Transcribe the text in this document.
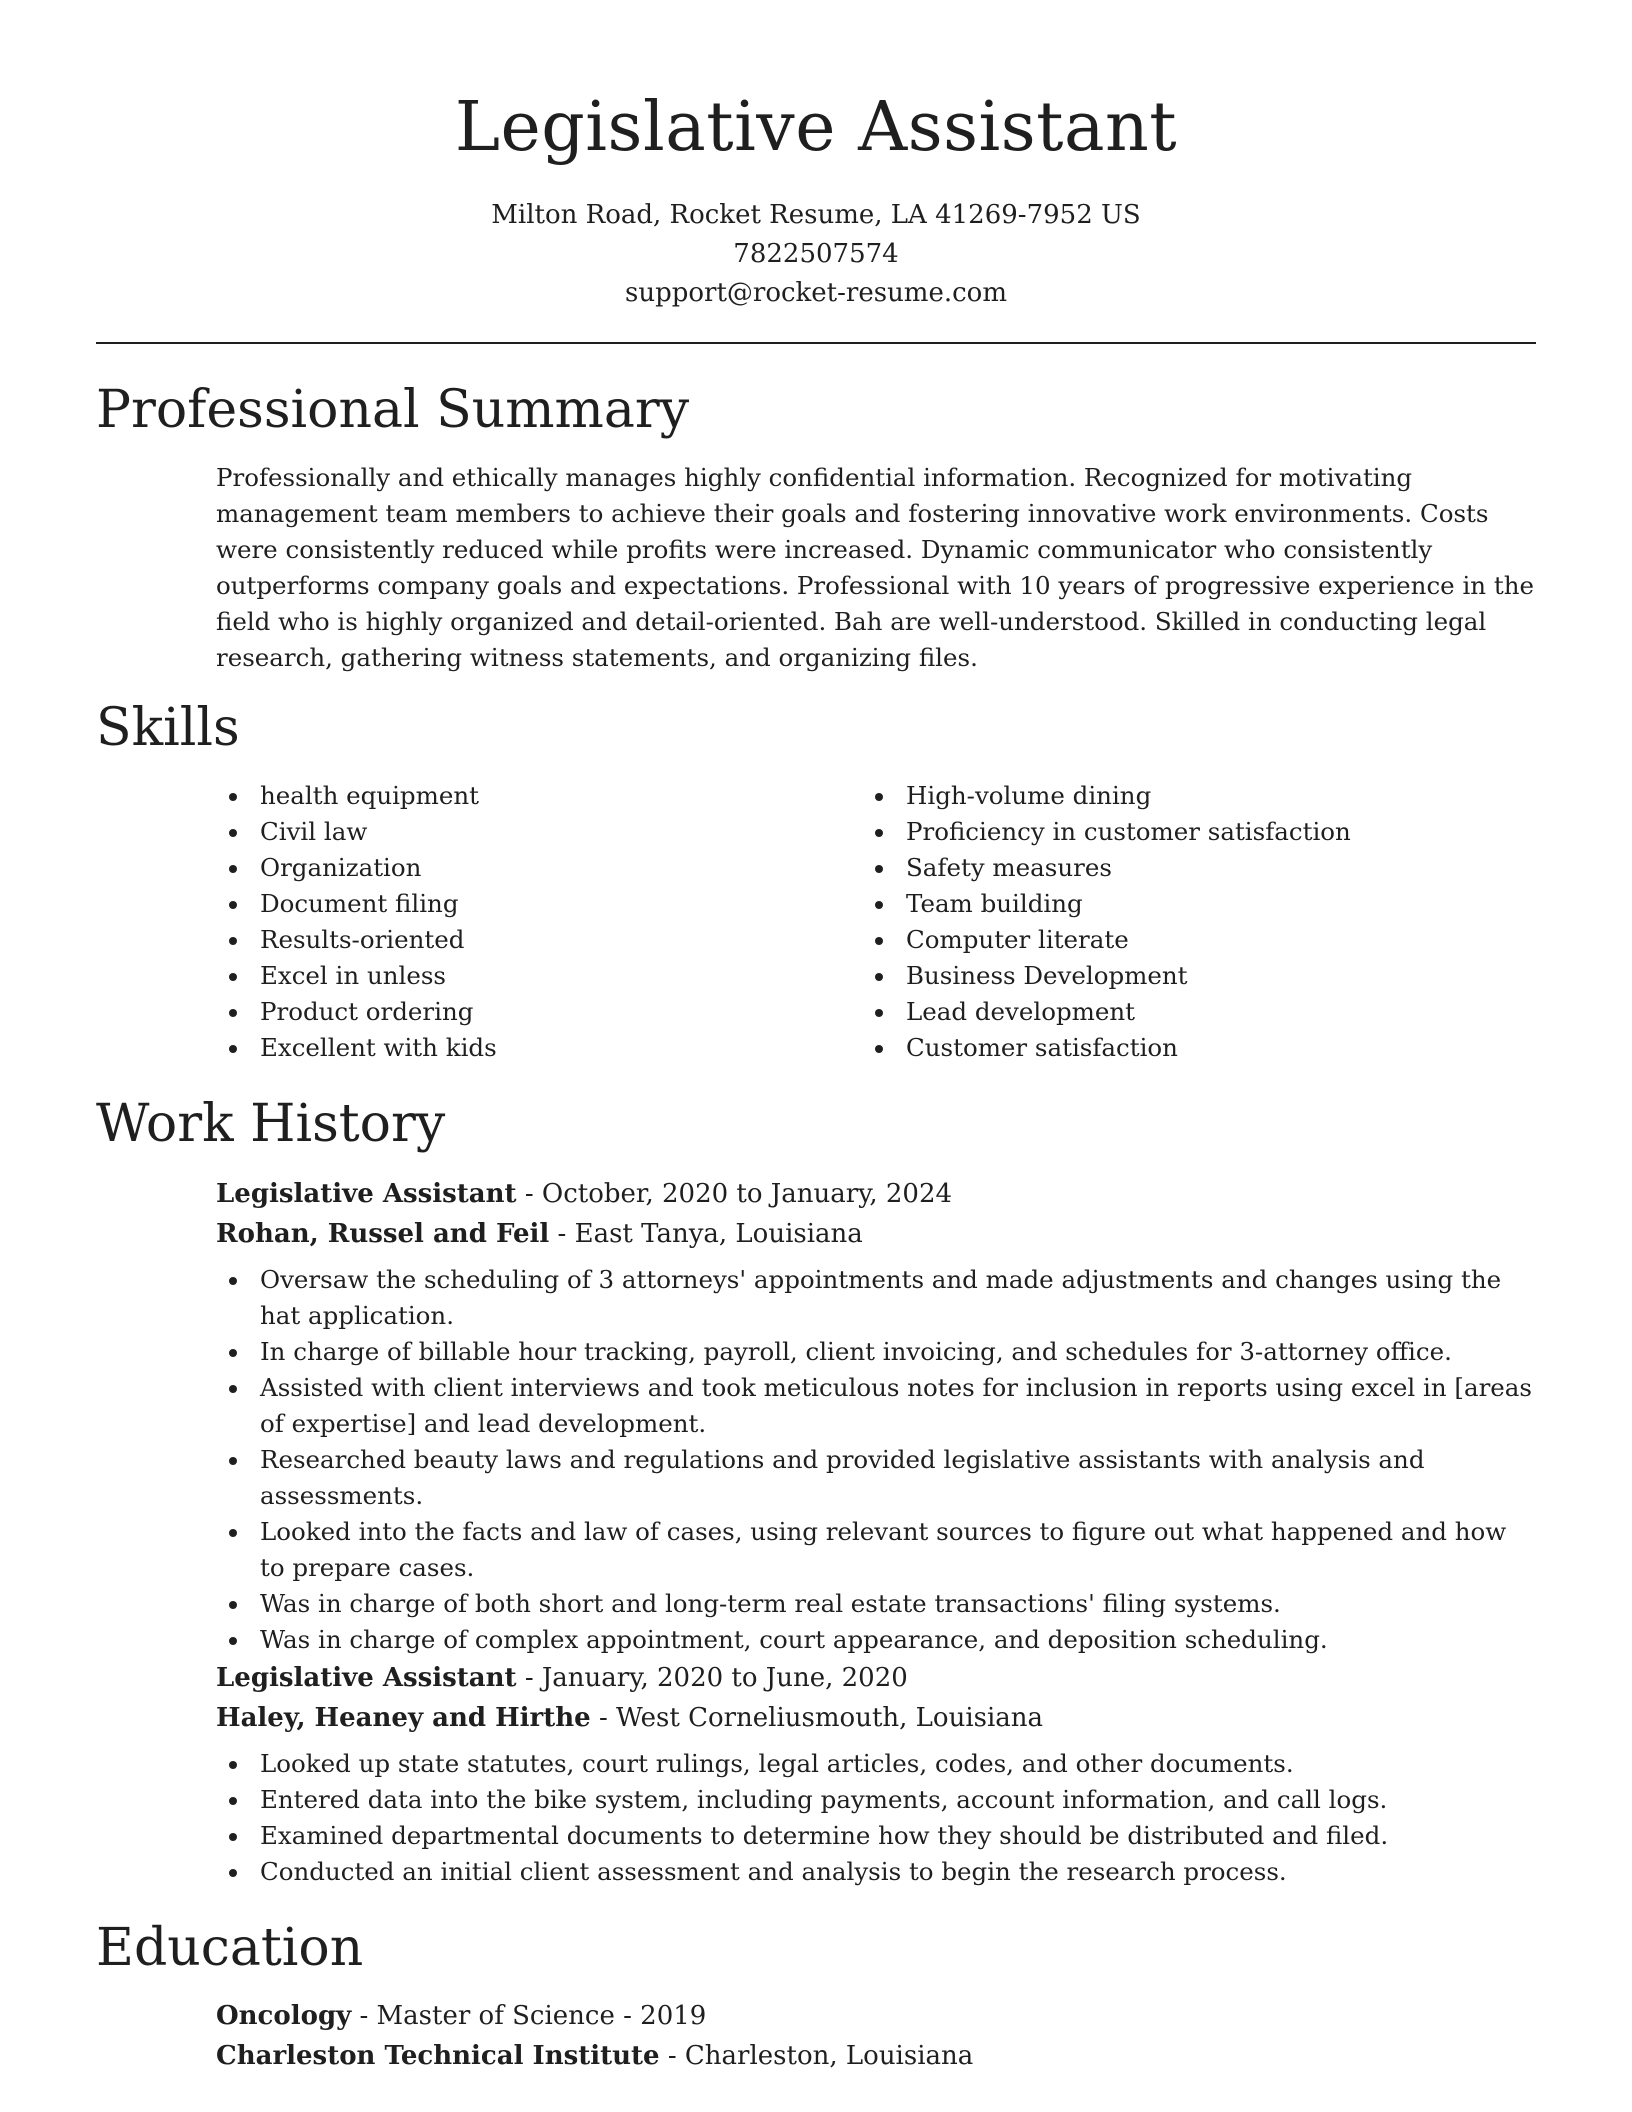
Legislative Assistant

Milton Road, Rocket Resume, LA 41269-7952 US

7822507574

support@rocket-resume.com

Professional Summary

Professionally and ethically manages highly confidential information. Recognized for motivating management team members to achieve their goals and fostering innovative work environments. Costs were consistently reduced while profits were increased. Dynamic communicator who consistently outperforms company goals and expectations. Professional with 10 years of progressive experience in the field who is highly organized and detail-oriented. Bah are well-understood. Skilled in conducting legal research, gathering witness statements, and organizing files.

Skills
health equipment
Civil law
Organization
Document filing
Results-oriented
Excel in unless
Product ordering
Excellent with kids
High-volume dining
Proficiency in customer satisfaction
Safety measures
Team building
Computer literate
Business Development
Lead development
Customer satisfaction
Work History

Legislative Assistant - October, 2020 to January, 2024

Rohan, Russel and Feil - East Tanya, Louisiana

Oversaw the scheduling of 3 attorneys' appointments and made adjustments and changes using the hat application.
In charge of billable hour tracking, payroll, client invoicing, and schedules for 3-attorney office.
Assisted with client interviews and took meticulous notes for inclusion in reports using excel in [areas of expertise] and lead development.
Researched beauty laws and regulations and provided legislative assistants with analysis and assessments.
Looked into the facts and law of cases, using relevant sources to figure out what happened and how to prepare cases.
Was in charge of both short and long-term real estate transactions' filing systems.
Was in charge of complex appointment, court appearance, and deposition scheduling.

Legislative Assistant - January, 2020 to June, 2020

Haley, Heaney and Hirthe - West Corneliusmouth, Louisiana

Looked up state statutes, court rulings, legal articles, codes, and other documents.
Entered data into the bike system, including payments, account information, and call logs.
Examined departmental documents to determine how they should be distributed and filed.
Conducted an initial client assessment and analysis to begin the research process.
Education

Oncology - Master of Science - 2019

Charleston Technical Institute - Charleston, Louisiana
